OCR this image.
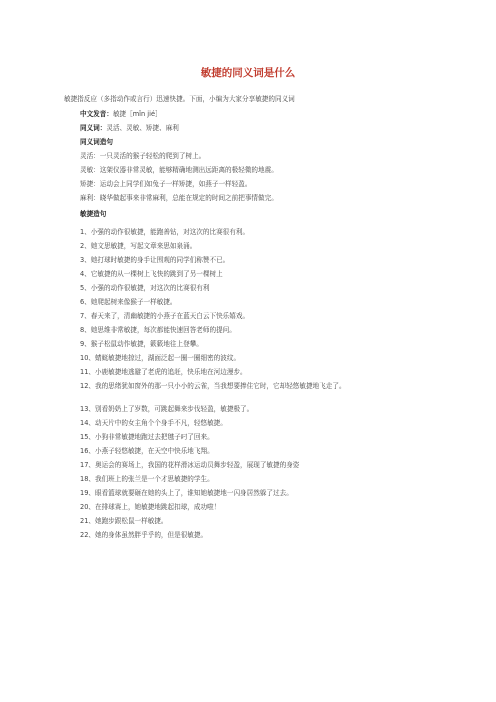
敏捷的同义词是什么
敏捷指反应（多指动作或言行）迅速快捷。下面，小编为大家分享敏捷的同义词
中文发音：敏捷［mǐn jié］
同义词：灵活、灵敏、矫捷、麻利
同义词造句
灵活：一只灵活的猴子轻松的爬到了树上。
灵敏：这架仪器非常灵敏，能够精确地测出远距离的极轻微的地震。
矫捷：运动会上同学们如兔子一样矫捷，如燕子一样轻盈。
麻利：晓华做起事来非常麻利，总能在规定的时间之前把事情做完。
敏捷造句
1、小强的动作很敏捷，能跑善钻，对这次的比赛很有利。
2、她文思敏捷，写起文章来思如泉涌。
3、她打球时敏捷的身手让围观的同学们称赞不已。
4、它敏捷的从一棵树上飞快的跳到了另一棵树上
5、小强的动作很敏捷，对这次的比赛很有利
6、她爬起树来像猴子一样敏捷。
7、春天来了，清幽敏捷的小燕子在蓝天白云下快乐嬉戏。
8、她思维非常敏捷，每次都能快速回答老师的提问。
9、猴子松鼠动作敏捷，簌簌地往上登攀。
10、蜻蜓敏捷地掠过，湖面泛起一圈一圈细密的波纹。
11、小鹿敏捷地逃避了老虎的追赶，快乐地在河边漫步。
12、我的思绪犹如窗外的那一只小小的云雀，当我想要捧住它时，它却轻悠敏捷地飞走了。
13、别看奶奶上了岁数，可跳起舞来步伐轻盈，敏捷极了。
14、动天片中的女主角个个身手不凡，轻悠敏捷。
15、小狗非常敏捷地跑过去把毽子叼了回来。
16、小燕子轻悠敏捷，在天空中快乐地飞翔。
17、奥运会的赛场上，我国的花样滑冰运动员舞步轻盈，展现了敏捷的身姿
18、我们班上的张兰是一个才思敏捷的学生。
19、眼看篮球就要砸在她的头上了，谁知她敏捷地一闪身居然躲了过去。
20、在排球赛上，她敏捷地跳起扣球，成功啦！
21、她跑步跟松鼠一样敏捷。
22、她的身体虽然胖乎乎的，但是很敏捷。
